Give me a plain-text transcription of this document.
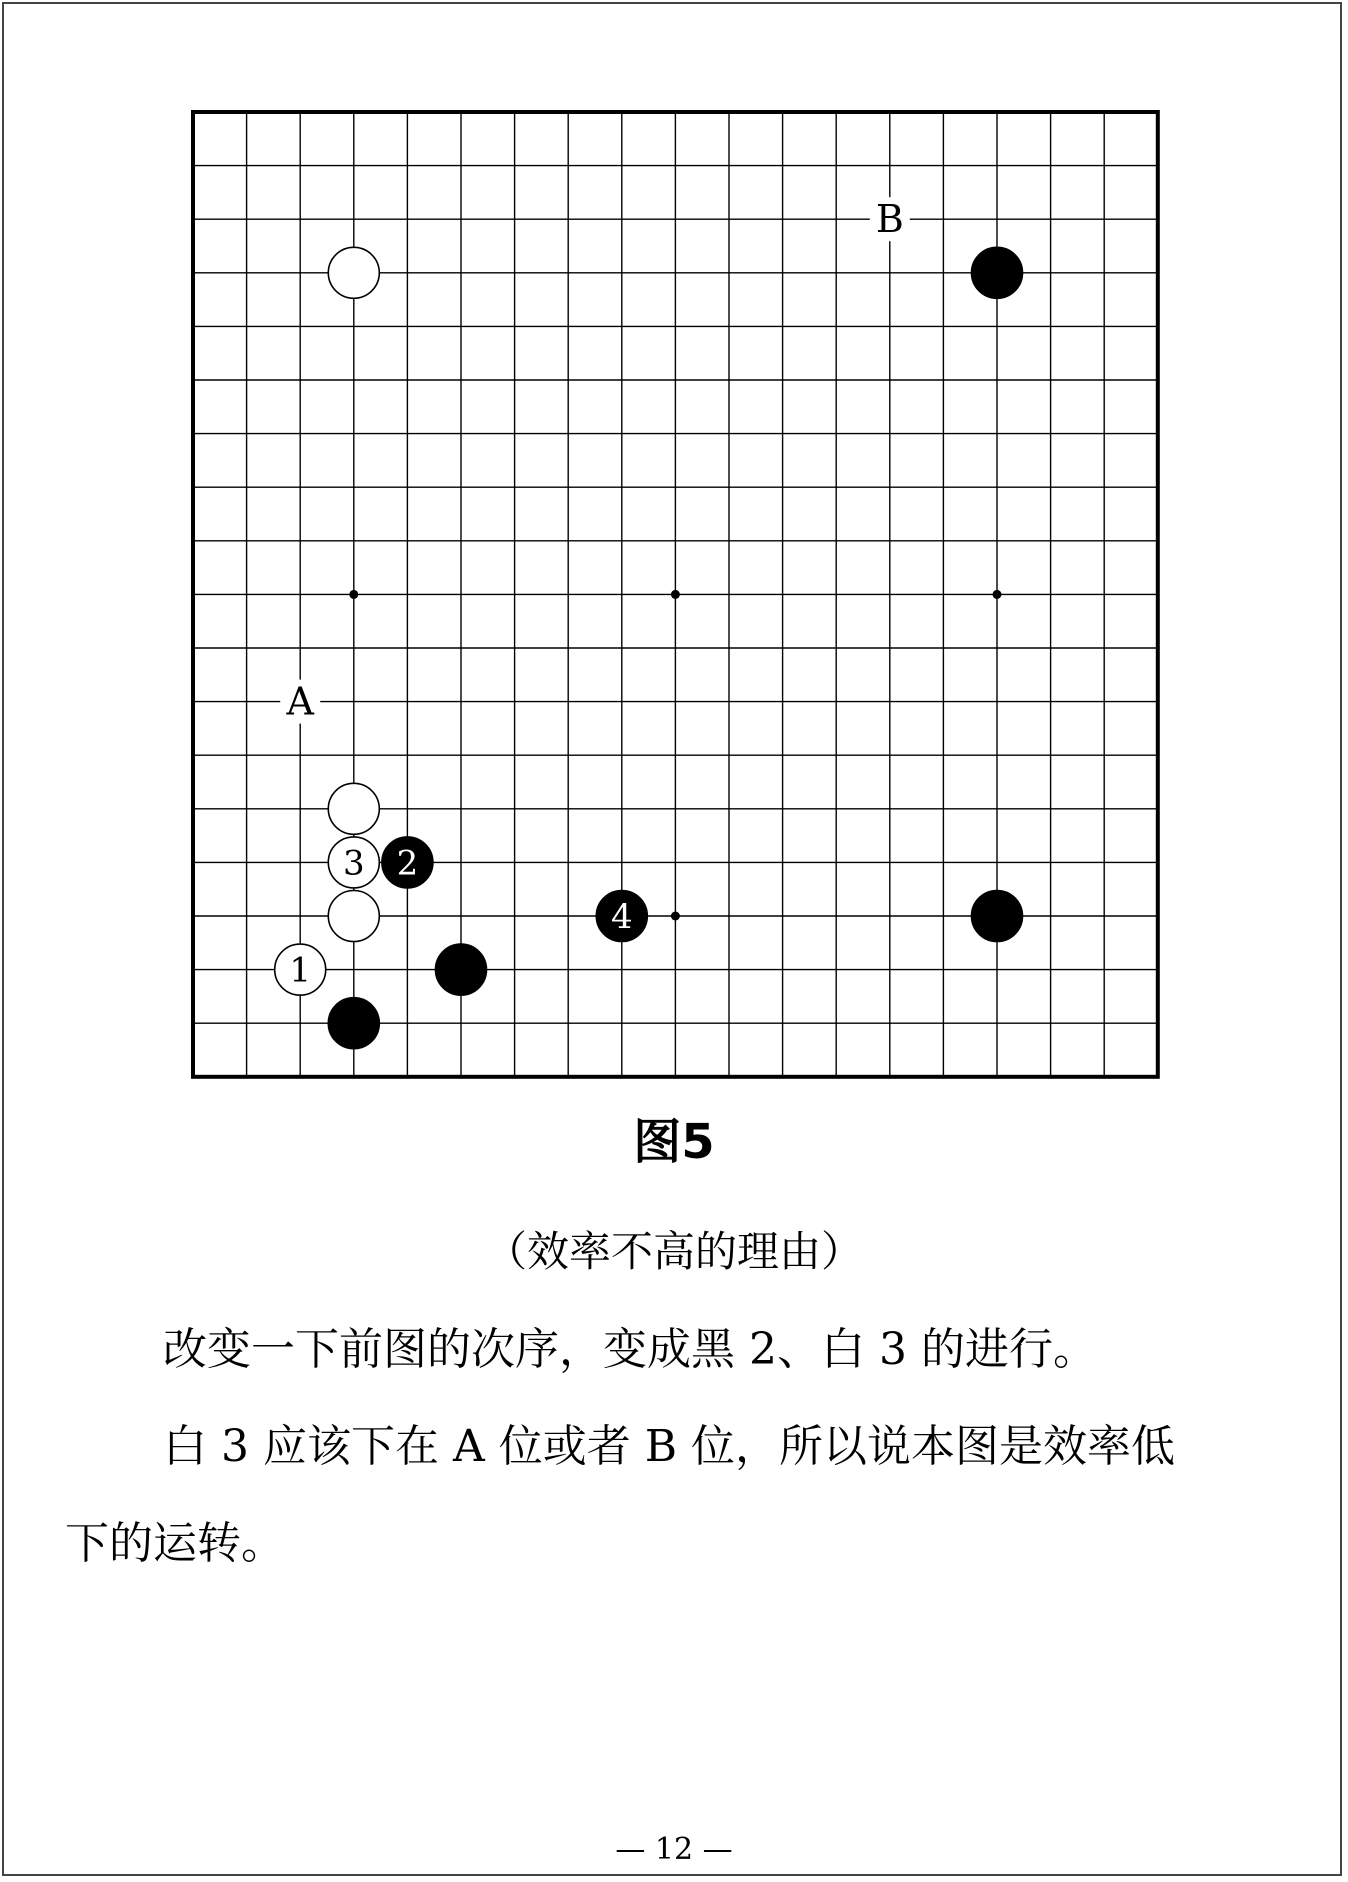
A
B
3 2
4
1
图5
（效率不高的理由）
改变一下前图的次序，变成黑 2、白 3 的进行。
白 3 应该下在 A 位或者 B 位，所以说本图是效率低
下的运转。
— 12 —
